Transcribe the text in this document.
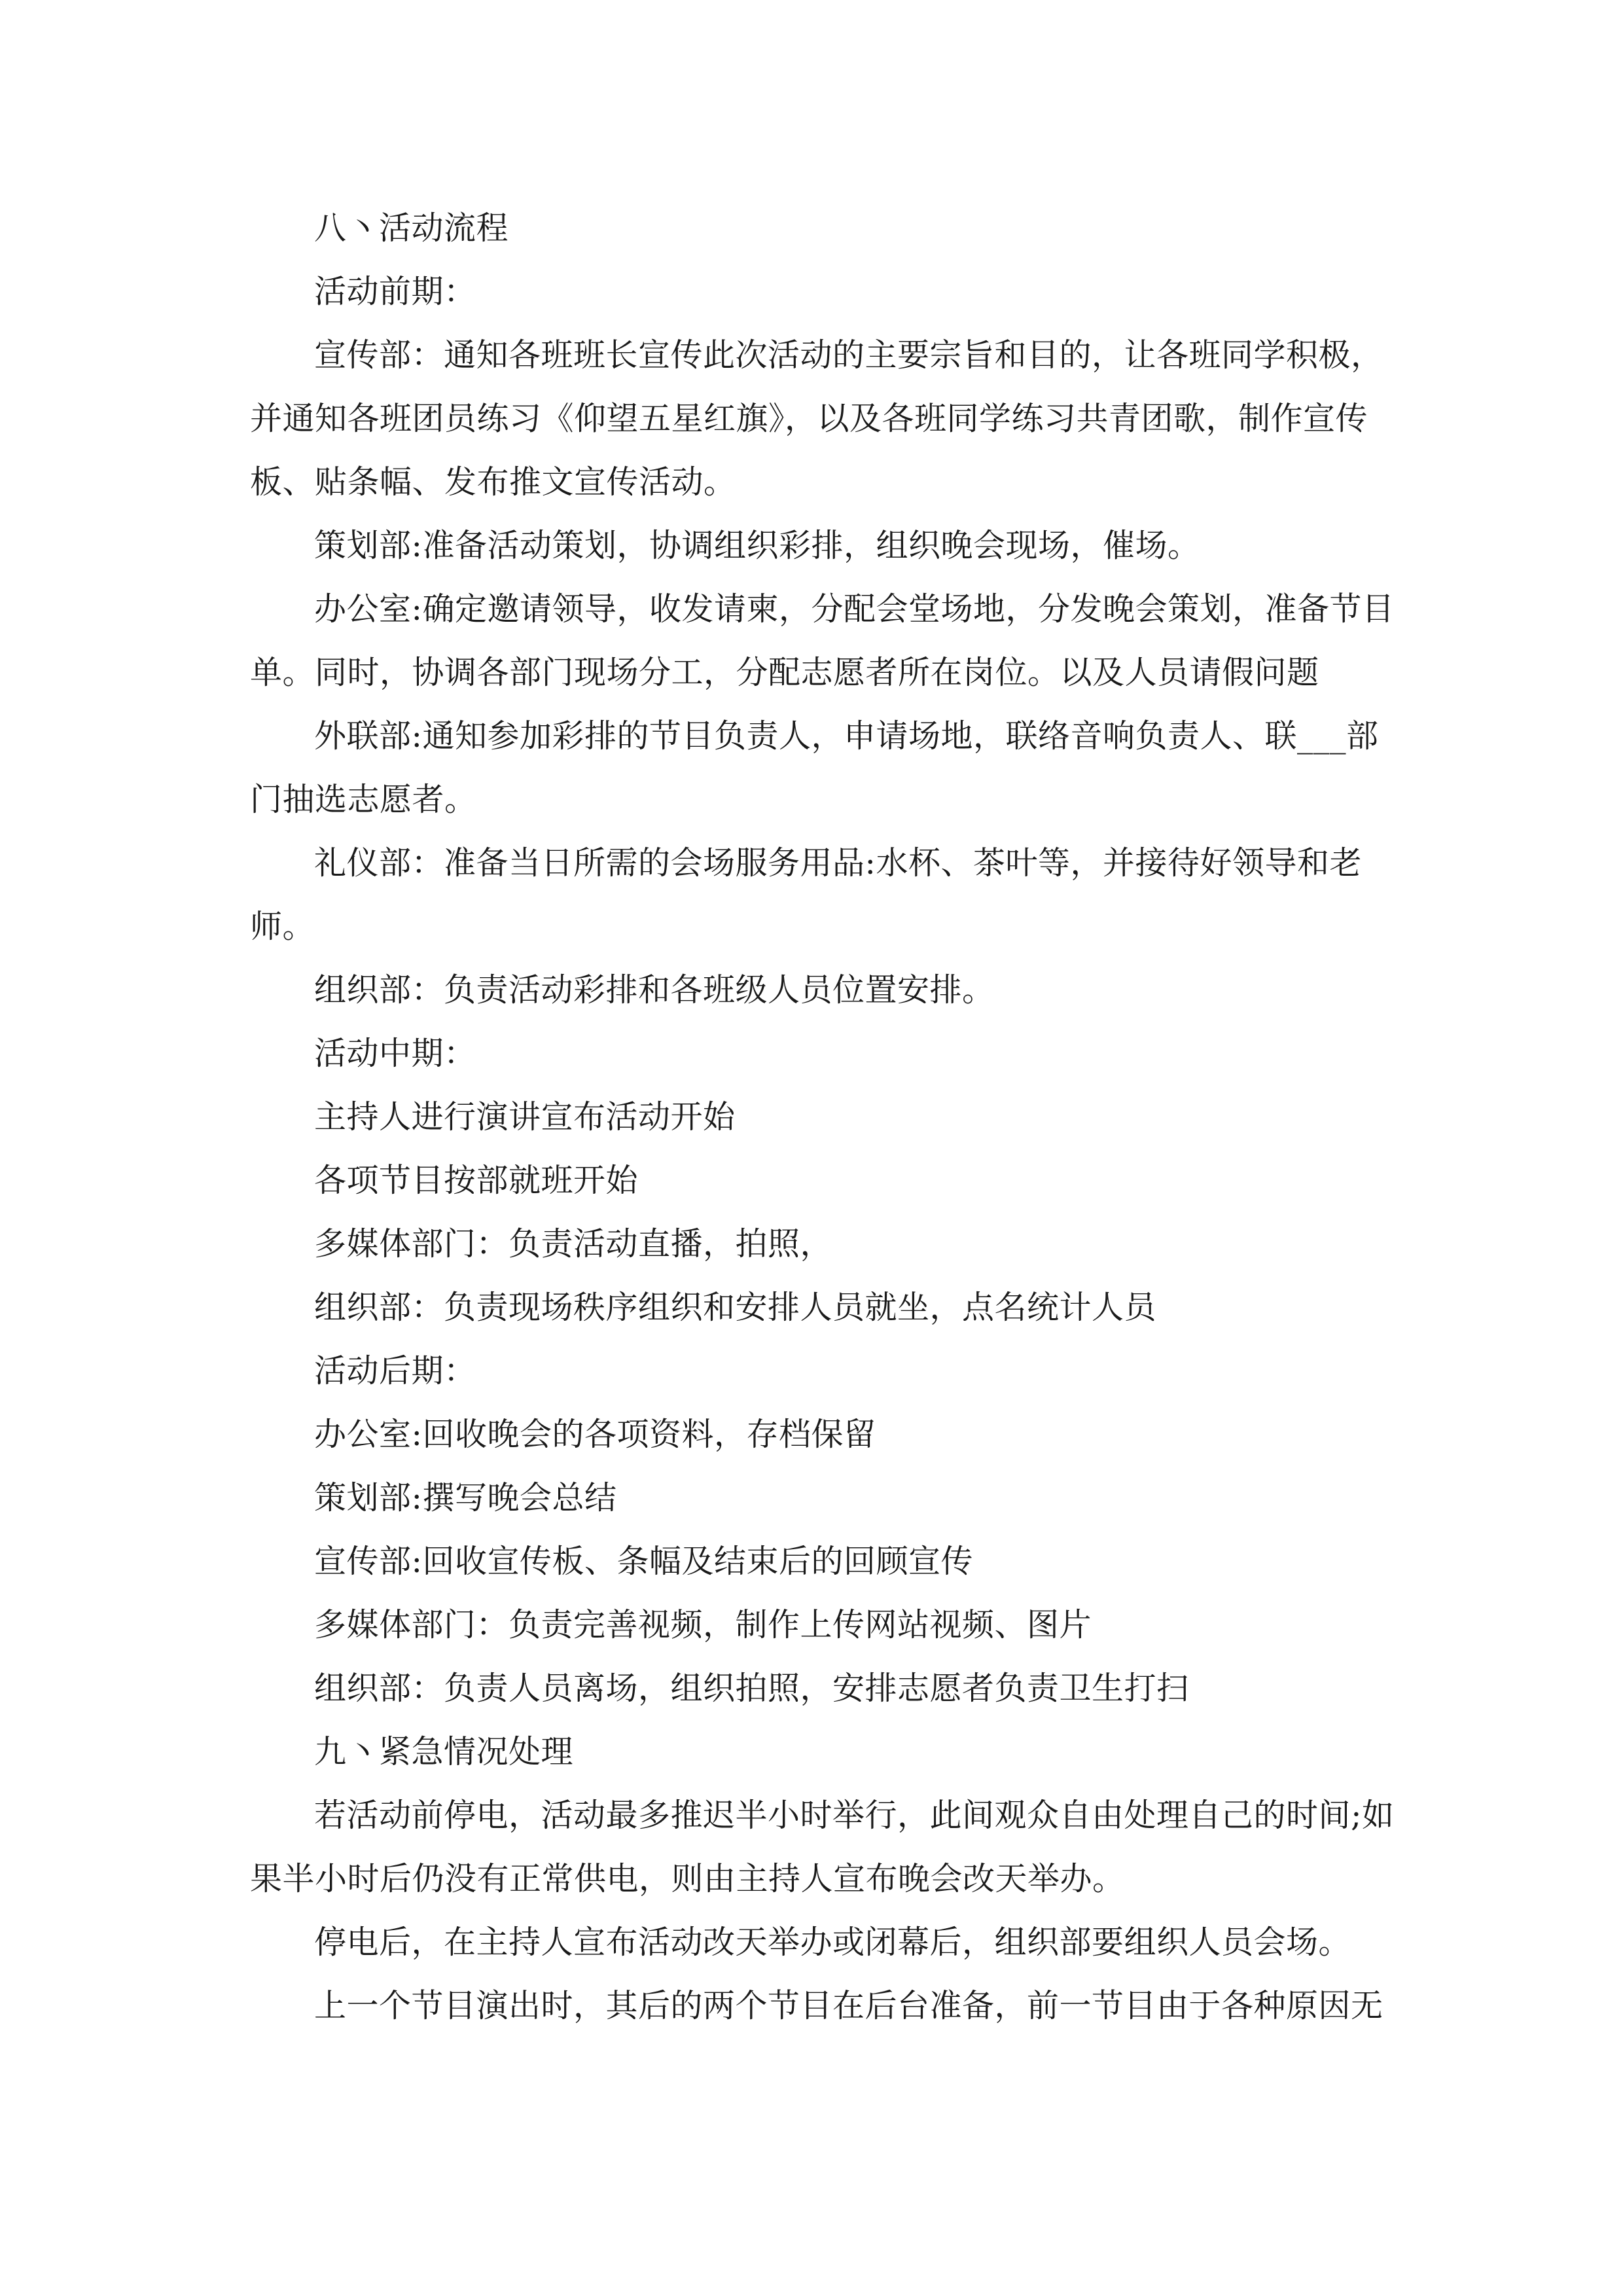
八丶活动流程

活动前期：

宣传部：通知各班班长宣传此次活动的主要宗旨和目的，让各班同学积极，并通知各班团员练习《仰望五星红旗》，以及各班同学练习共青团歌，制作宣传板、贴条幅、发布推文宣传活动。

策划部:准备活动策划，协调组织彩排，组织晚会现场，催场。

办公室:确定邀请领导，收发请柬，分配会堂场地，分发晚会策划，准备节目单。同时，协调各部门现场分工，分配志愿者所在岗位。以及人员请假问题

外联部:通知参加彩排的节目负责人，申请场地，联络音响负责人、联___部门抽选志愿者。

礼仪部：准备当日所需的会场服务用品:水杯、茶叶等，并接待好领导和老师。

组织部：负责活动彩排和各班级人员位置安排。

活动中期：

主持人进行演讲宣布活动开始

各项节目按部就班开始

多媒体部门：负责活动直播，拍照，

组织部：负责现场秩序组织和安排人员就坐，点名统计人员

活动后期：

办公室:回收晚会的各项资料，存档保留

策划部:撰写晚会总结

宣传部:回收宣传板、条幅及结束后的回顾宣传

多媒体部门：负责完善视频，制作上传网站视频、图片

组织部：负责人员离场，组织拍照，安排志愿者负责卫生打扫

九丶紧急情况处理

若活动前停电，活动最多推迟半小时举行，此间观众自由处理自己的时间;如果半小时后仍没有正常供电，则由主持人宣布晚会改天举办。

停电后，在主持人宣布活动改天举办或闭幕后，组织部要组织人员会场。

上一个节目演出时，其后的两个节目在后台准备，前一节目由于各种原因无
